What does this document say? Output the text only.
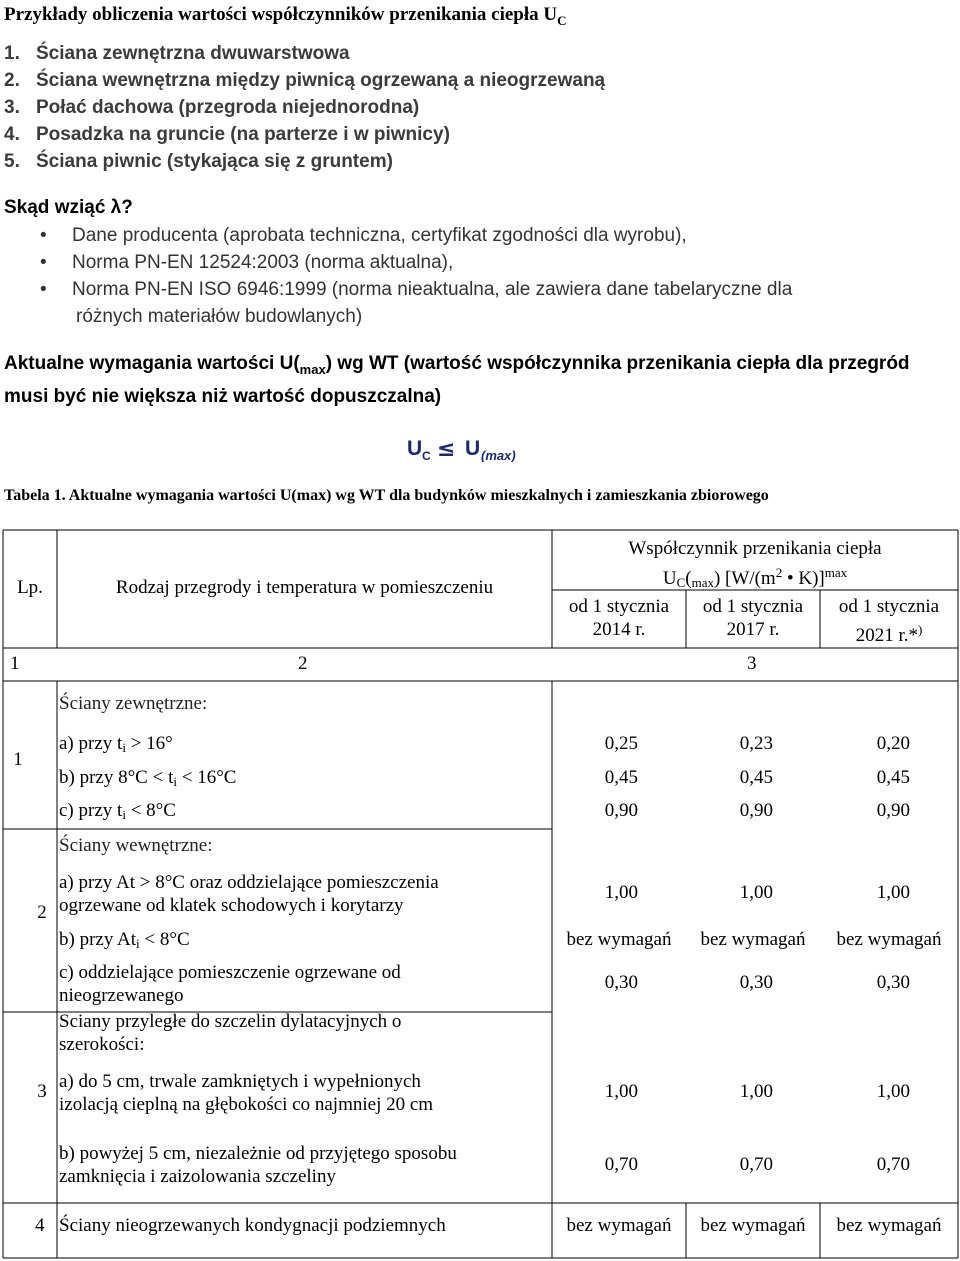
Przykłady obliczenia wartości współczynników przenikania ciepła $U_C$
1. Ściana zewnętrzna dwuwarstwowa
2. Ściana wewnętrzna między piwnicą ogrzewaną a nieogrzewaną
3. Połać dachowa (przegroda niejednorodna)
4. Posadzka na gruncie (na parterze i w piwnicy)
5. Ściana piwnic (stykająca się z gruntem)
Skąd wziąć λ?
• Dane producenta (aprobata techniczna, certyfikat zgodności dla wyrobu),
• Norma PN-EN 12524:2003 (norma aktualna),
• Norma PN-EN ISO 6946:1999 (norma nieaktualna, ale zawiera dane tabelaryczne dla
różnych materiałów budowlanych)
Aktualne wymagania wartości $U(_{max})$ wg WT (wartość współczynnika przenikania ciepła dla przegród musi być nie większa niż wartość dopuszczalna)
U C ≤ U (max)
Tabela 1. Aktualne wymagania wartości U(max) wg WT dla budynków mieszkalnych i zamieszkania zbiorowego
Lp.	Rodzaj przegrody i temperatura w pomieszczeniu
Współczynnik przenikania ciepła
$U_C(_{max})$ [$W/(m^2$ • K)]$^{max}$
od 1 stycznia
2014 r.
od 1 stycznia
2017 r.
od 1 stycznia
2021 r.*)
1	2	3
1
Ściany zewnętrzne:
a) przy $t_i > 16^\circ$	0,25	0,23	0,20
b) przy $8^\circ C < t_i < 16^\circ C$	0,45	0,45	0,45
c) przy $t_i < 8^\circ C$	0,90	0,90	0,90
2
Ściany wewnętrzne:
a) przy At > 8°C oraz oddzielające pomieszczenia
ogrzewane od klatek schodowych i korytarzy
1,00	1,00	1,00
b) przy $At_i < 8^\circ C$	bez wymagań	bez wymagań	bez wymagań
c) oddzielające pomieszczenie ogrzewane od
nieogrzewanego
0,30	0,30	0,30
3
Sciany przyległe do szczelin dylatacyjnych o
szerokości:
a) do 5 cm, trwale zamkniętych i wypełnionych
izolacją cieplną na głębokości co najmniej 20 cm
1,00	1,00	1,00
b) powyżej 5 cm, niezależnie od przyjętego sposobu
zamknięcia i zaizolowania szczeliny
0,70	0,70	0,70
4 Ściany nieogrzewanych kondygnacji podziemnych	bez wymagań	bez wymagań	bez wymagań
